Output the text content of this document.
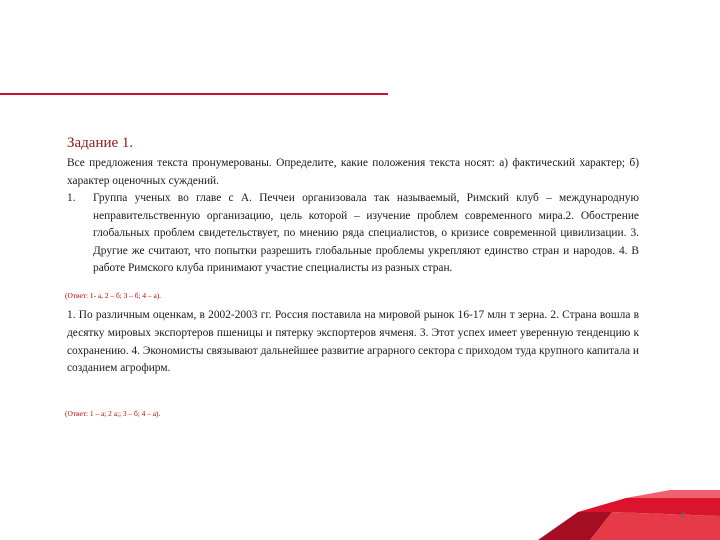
Задание 1.
Все предложения текста пронумерованы. Определите, какие положения текста носят: а) фактический характер; б) характер оценочных суждений.
1.	Группа ученых во главе с А. Печчеи организовала так называемый, Римский клуб – международную неправительственную организацию, цель которой – изучение проблем современного мира.2. Обострение глобальных проблем свидетельствует, по мнению ряда специалистов, о кризисе современной цивилизации. 3. Другие же считают, что попытки разрешить глобальные проблемы укрепляют единство стран и народов. 4. В работе Римского клуба принимают участие специалисты из разных стран.
(Ответ: 1- а, 2 – б; 3 – б; 4 – а).
1. По различным оценкам, в 2002-2003 гг. Россия поставила на мировой рынок 16-17 млн т зерна. 2. Страна вошла в десятку мировых экспортеров пшеницы и пятерку экспортеров ячменя. 3. Этот успех имеет уверенную тенденцию к сохранению. 4. Экономисты связывают дальнейшее развитие аграрного сектора с приходом туда крупного капитала и созданием агрофирм.
(Ответ: 1 – а; 2 а;; 3 – б; 4 – а).
4
